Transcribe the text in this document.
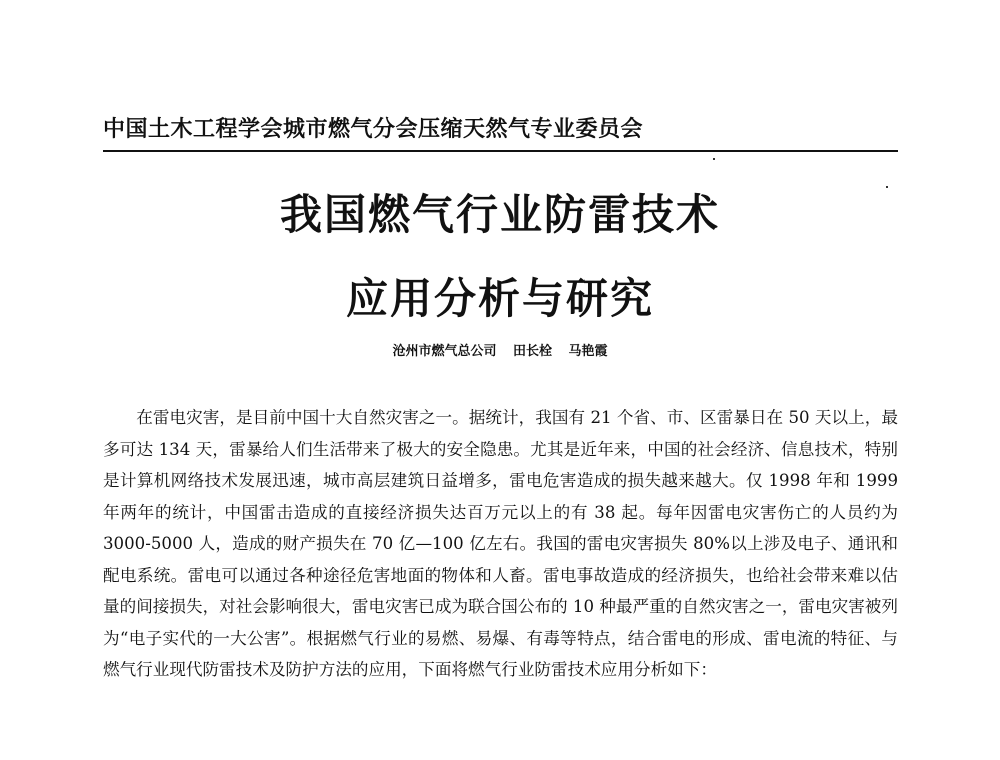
中国土木工程学会城市燃气分会压缩天然气专业委员会
我国燃气行业防雷技术
应用分析与研究
沧州市燃气总公司 田长栓 马艳霞

在雷电灾害，是目前中国十大自然灾害之一。据统计，我国有 21 个省、市、区雷暴日在 50 天以上，最多可达 134 天，雷暴给人们生活带来了极大的安全隐患。尤其是近年来，中国的社会经济、信息技术，特别是计算机网络技术发展迅速，城市高层建筑日益增多，雷电危害造成的损失越来越大。仅 1998 年和 1999 年两年的统计，中国雷击造成的直接经济损失达百万元以上的有 38 起。每年因雷电灾害伤亡的人员约为 3000-5000 人，造成的财产损失在 70 亿—100 亿左右。我国的雷电灾害损失 80%以上涉及电子、通讯和配电系统。雷电可以通过各种途径危害地面的物体和人畜。雷电事故造成的经济损失，也给社会带来难以估量的间接损失，对社会影响很大，雷电灾害已成为联合国公布的 10 种最严重的自然灾害之一，雷电灾害被列为“电子实代的一大公害”。根据燃气行业的易燃、易爆、有毒等特点，结合雷电的形成、雷电流的特征、与燃气行业现代防雷技术及防护方法的应用，下面将燃气行业防雷技术应用分析如下：
